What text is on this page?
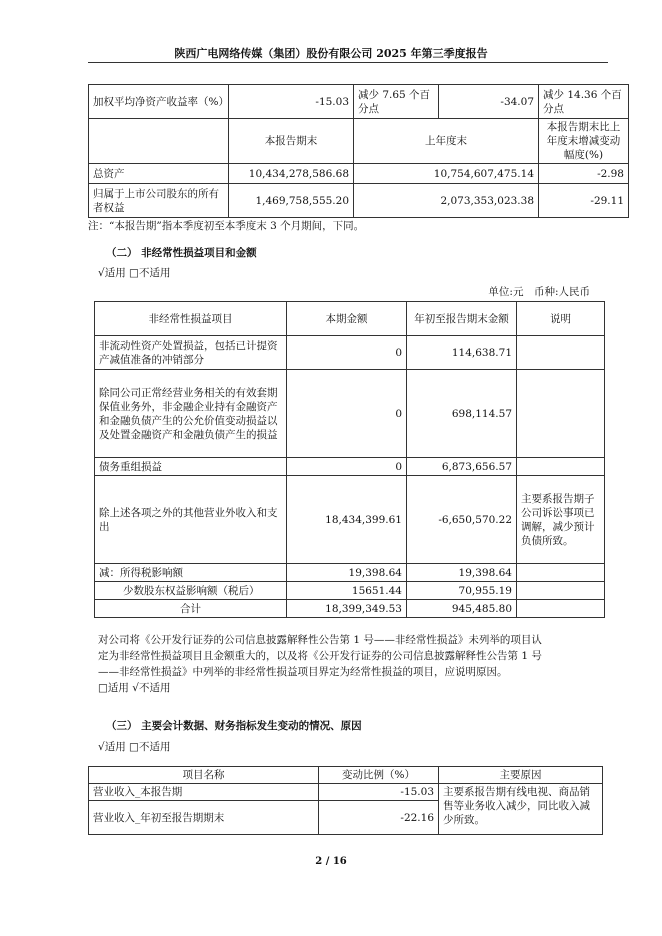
陕西广电网络传媒（集团）股份有限公司 2025 年第三季度报告
加权平均净资产收益率（%）	-15.03	减少 7.65 个百分点	-34.07	减少 14.36 个百分点
	本报告期末	上年度末		本报告期末比上年度末增减变动幅度(%)
总资产	10,434,278,586.68	10,754,607,475.14		-2.98
归属于上市公司股东的所有者权益	1,469,758,555.20	2,073,353,023.38		-29.11
注：“本报告期”指本季度初至本季度末 3 个月期间，下同。
（二） 非经常性损益项目和金额
√适用 □不适用
单位:元　币种:人民币
非经常性损益项目	本期金额	年初至报告期末金额	说明
非流动性资产处置损益，包括已计提资产减值准备的冲销部分	0	114,638.71	
除同公司正常经营业务相关的有效套期保值业务外，非金融企业持有金融资产和金融负债产生的公允价值变动损益以及处置金融资产和金融负债产生的损益	0	698,114.57	
债务重组损益	0	6,873,656.57	
除上述各项之外的其他营业外收入和支出	18,434,399.61	-6,650,570.22	主要系报告期子公司诉讼事项已调解，减少预计负债所致。
减：所得税影响额	19,398.64	19,398.64	
少数股东权益影响额（税后）	15651.44	70,955.19	
合计	18,399,349.53	945,485.80	
对公司将《公开发行证券的公司信息披露解释性公告第 1 号——非经常性损益》未列举的项目认
定为非经常性损益项目且金额重大的，以及将《公开发行证券的公司信息披露解释性公告第 1 号
——非经常性损益》中列举的非经常性损益项目界定为经常性损益的项目，应说明原因。
□适用 √不适用
（三） 主要会计数据、财务指标发生变动的情况、原因
√适用 □不适用
项目名称	变动比例（%）	主要原因
营业收入_本报告期	-15.03	主要系报告期有线电视、商品销售等业务收入减少，同比收入减少所致。
营业收入_年初至报告期期末	-22.16	
2 / 16
